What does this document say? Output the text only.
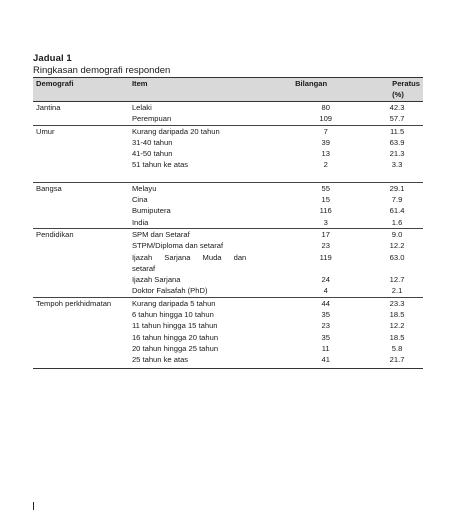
Jadual 1
Ringkasan demografi responden
Demografi	Item	Bilangan	Peratus
(%)
Jantina	Lelaki	80	42.3
	Perempuan	109	57.7
Umur	Kurang daripada 20 tahun	7	11.5
	31-40 tahun	39	63.9
	41-50 tahun	13	21.3
	51 tahun ke atas	2	3.3

Bangsa	Melayu	55	29.1
	Cina	15	7.9
	Bumiputera	116	61.4
	India	3	1.6
Pendidikan	SPM dan Setaraf	17	9.0
	STPM/Diploma dan setaraf	23	12.2
	Ijazah Sarjana Muda dan	119	63.0
	setaraf		
	Ijazah Sarjana	24	12.7
	Doktor Falsafah (PhD)	4	2.1
Tempoh perkhidmatan	Kurang daripada 5 tahun	44	23.3
	6 tahun hingga 10 tahun	35	18.5
	11 tahun hingga 15 tahun	23	12.2
	16 tahun hingga 20 tahun	35	18.5
	20 tahun hingga 25 tahun	11	5.8
	25 tahun ke atas	41	21.7
